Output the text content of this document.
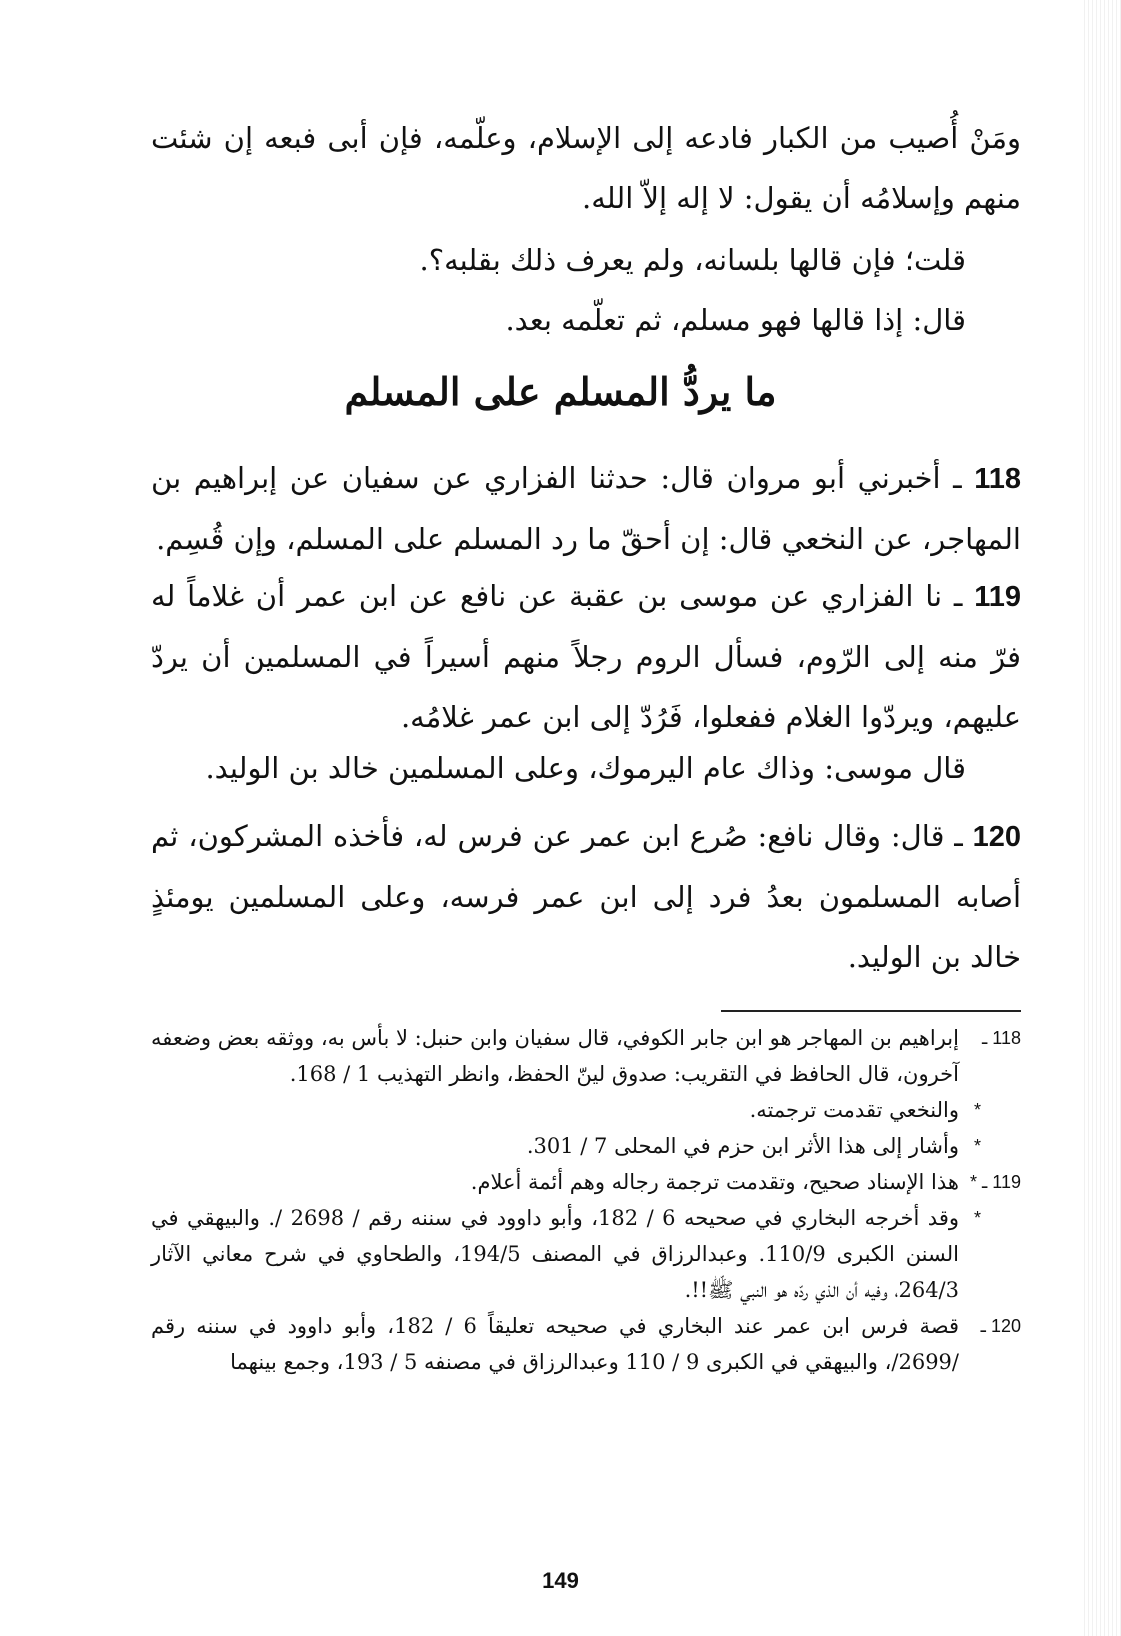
ومَنْ أُصيب من الكبار فادعه إلى الإسلام، وعلّمه، فإن أبى فبعه إن شئت منهم وإسلامُه أن يقول: لا إله إلاّ الله.
قلت؛ فإن قالها بلسانه، ولم يعرف ذلك بقلبه؟.
قال: إذا قالها فهو مسلم، ثم تعلّمه بعد.
ما يردُّ المسلم على المسلم
118 ـ أخبرني أبو مروان قال: حدثنا الفزاري عن سفيان عن إبراهيم بن المهاجر، عن النخعي قال: إن أحقّ ما رد المسلم على المسلم، وإن قُسِم.
119 ـ نا الفزاري عن موسى بن عقبة عن نافع عن ابن عمر أن غلاماً له فرّ منه إلى الرّوم، فسأل الروم رجلاً منهم أسيراً في المسلمين أن يردّ عليهم، ويردّوا الغلام ففعلوا، فَرُدّ إلى ابن عمر غلامُه.
قال موسى: وذاك عام اليرموك، وعلى المسلمين خالد بن الوليد.
120 ـ قال: وقال نافع: صُرع ابن عمر عن فرس له، فأخذه المشركون، ثم أصابه المسلمون بعدُ فرد إلى ابن عمر فرسه، وعلى المسلمين يومئذٍ خالد بن الوليد.
118 ـ
إبراهيم بن المهاجر هو ابن جابر الكوفي، قال سفيان وابن حنبل: لا بأس به، ووثقه بعض وضعفه آخرون، قال الحافظ في التقريب: صدوق لينّ الحفظ، وانظر التهذيب 1 / 168.
*
والنخعي تقدمت ترجمته.
*
وأشار إلى هذا الأثر ابن حزم في المحلى 7 / 301.
119 ـ *
هذا الإسناد صحيح، وتقدمت ترجمة رجاله وهم أئمة أعلام.
*
وقد أخرجه البخاري في صحيحه 6 / 182، وأبو داوود في سننه رقم / 2698 /. والبيهقي في السنن الكبرى 110/9. وعبدالرزاق في المصنف 194/5، والطحاوي في شرح معاني الآثار 264/3، وفيه أن الذي ردّه هو النبي ﷺ!!.
120 ـ
قصة فرس ابن عمر عند البخاري في صحيحه تعليقاً 6 / 182، وأبو داوود في سننه رقم /2699/، والبيهقي في الكبرى 9 / 110 وعبدالرزاق في مصنفه 5 / 193، وجمع بينهما
149
